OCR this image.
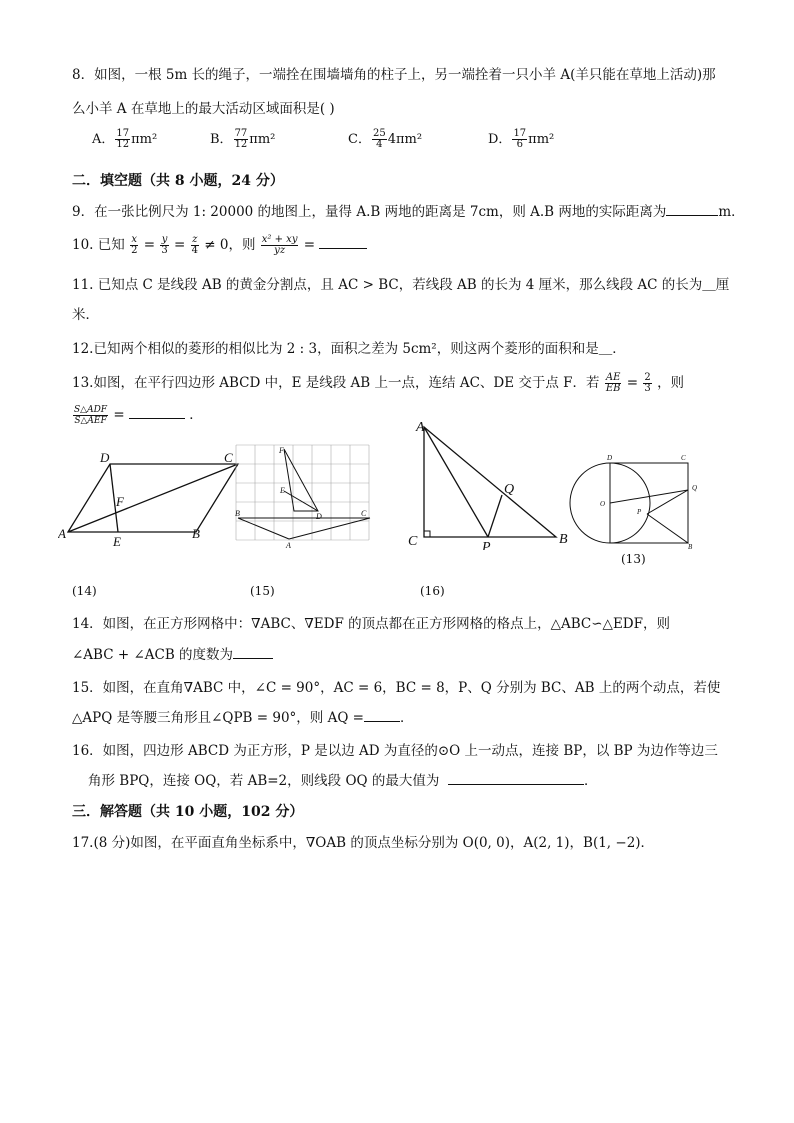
8．如图，一根 5m 长的绳子，一端拴在围墙墙角的柱子上，另一端拴着一只小羊 A(羊只能在草地上活动)那
么小羊 A 在草地上的最大活动区域面积是( )
A． $\frac{17}{12} \pi m^2$	B． $\frac{77}{12} \pi m^2$	C． $\frac{25}{4} 4\pi m^2$	D． $\frac{17}{6} \pi m^2$
二．填空题（共 8 小题，24 分）
9．在一张比例尺为 1: 20000 的地图上，量得 A.B 两地的距离是 7cm，则 A.B 两地的实际距离为	m．
10. 已知 $\frac{x}{2} = \frac{y}{3} = \frac{z}{4} \ne 0$，则 $\frac{\text{x² + xy}}{yz}$ =
11. 已知点 C 是线段 AB 的黄金分割点，且 AC > BC，若线段 AB 的长为 4 厘米，那么线段 AC 的长为＿厘
米．
12.已知两个相似的菱形的相似比为 2 : 3，面积之差为 5cm²，则这两个菱形的面积和是＿．
13.如图，在平行四边形 ABCD 中，E 是线段 AB 上一点，连结 AC、DE 交于点 F．若 $\frac{AE}{EB} = \frac{2}{3}$ ，则
$\frac{\text{S△ADF}}{\text{S△AEF}}$ =	．
D	C
A	B
E
F
F
E
D
B	C
A
A
Q
C	P
B
D	C
O
P
Q
B
(13)
(14)	(15)	(16)
14．如图，在正方形网格中：∇ABC、∇EDF 的顶点都在正方形网格的格点上，△ABC∽△EDF，则
∠ABC + ∠ACB 的度数为
15．如图，在直角∇ABC 中，∠C = 90°，AC = 6，BC = 8，P、Q 分别为 BC、AB 上的两个动点，若使
△APQ 是等腰三角形且∠QPB = 90°，则 AQ =	．
16．如图，四边形 ABCD 为正方形，P 是以边 AD 为直径的⊙O 上一动点，连接 BP，以 BP 为边作等边三
角形 BPQ，连接 OQ，若 AB=2，则线段 OQ 的最大值为	．
三．解答题（共 10 小题，102 分）
17.(8 分)如图，在平面直角坐标系中，∇OAB 的顶点坐标分别为 O(0, 0)，A(2, 1)，B(1, −2)．
